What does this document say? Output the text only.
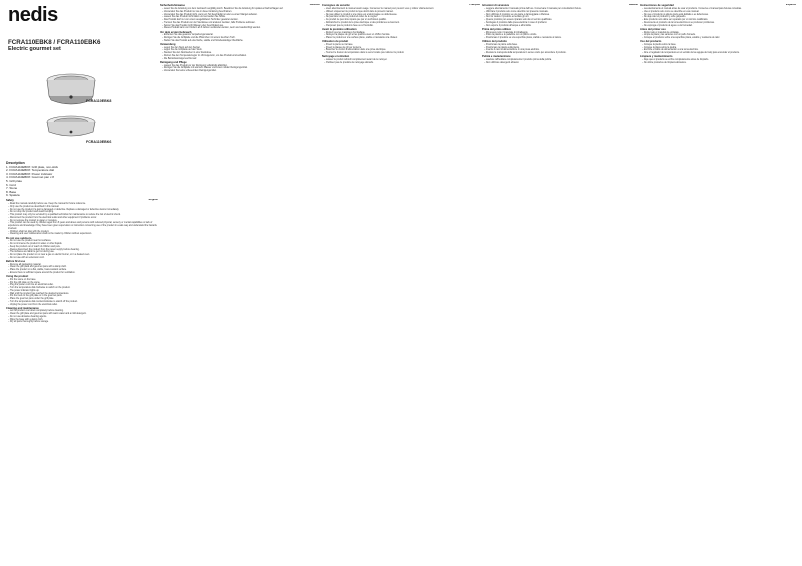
nedis
FCRA110EBK8 / FCRA110EBK6
Electric gourmet set
FCRA110EBK8
FCRA110EBK6
Description
1. FCRA110EBK8: Grill plate, non-stick
2. FCRA110EBK8: Temperature dial
3. FCRA110EBK8: Power indicator
4. FCRA110EBK8: Gourmet pan x 8
5. Grill plate
6. Cord
7. Stone
8. Base
9. Spatula
English
Safety

– Read the manual carefully before use. Keep the manual for future reference.

– Only use the product as described in this manual.

– Do not use the product if a part is damaged or defective. Replace a damaged or defective device immediately.

– Do not drop the product and avoid bumping.

– This product may only be serviced by a qualified technician for maintenance to reduce the risk of electric shock.

– Disconnect the product from the electrical outlet and other equipment if problems occur.

– Do not expose the product to water or moisture.

– This product can be used by children aged from 8 years and above and persons with reduced physical, sensory or mental capabilities or lack of experience and knowledge if they have been given supervision or instruction concerning use of the product in a safe way and understand the hazards involved.

– Children shall not play with the product.

– Cleaning and user maintenance shall not be made by children without supervision.

Do not use outdoors.

– Do not use the product near hot surfaces.

– Do not immerse the product in water or other liquids.

– Keep the product out of reach of children and pets.

– Always disconnect the product from the power supply before cleaning.

– The surfaces are liable to get hot during use.

– Do not place the product on or near a gas or electric burner, or in a heated oven.

– Do not use with an extension cord.

Before first use

– Remove all packaging material.

– Clean the grill plate and gourmet pans with a damp cloth.

– Place the product on a flat, stable, heat-resistant surface.

– Ensure there is sufficient space around the product for ventilation.

Using the product

– Put the stone on the base.

– Put the grill plate on the stone.

– Plug the power cord into an electrical outlet.

– Turn the temperature dial clockwise to switch on the product.

– The power indicator lights up.

– Wait until the product has reached the desired temperature.

– Put the food on the grill plate or in the gourmet pans.

– Place the gourmet pans under the grill plate.

– Turn the temperature dial counterclockwise to switch off the product.

– Unplug the power cord from the electrical outlet.

Cleaning and maintenance

– Let the product cool down completely before cleaning.

– Clean the grill plate and gourmet pans with warm water and a mild detergent.

– Do not use abrasive cleaning agents.

– Wipe the base with a damp cloth.

– Dry all parts thoroughly before storage.

Deutsch
Sicherheitshinweise

– Lesen Sie die Anleitung vor dem Gebrauch sorgfältig durch. Bewahren Sie die Anleitung für späteres Nachschlagen auf.

– Verwenden Sie das Produkt nur wie in dieser Anleitung beschrieben.

– Verwenden Sie das Produkt nicht, wenn ein Teil beschädigt ist oder es einen Mangel aufweist.

– Lassen Sie das Produkt nicht fallen und vermeiden Sie Stöße.

– Das Produkt darf nur von einem ausgebildeten Techniker gewartet werden.

– Trennen Sie das Produkt von der Steckdose und anderen Geräten, falls Probleme auftreten.

– Setzen Sie das Produkt nicht Wasser oder Feuchtigkeit aus.

– Dieses Produkt kann von Kindern ab 8 Jahren verwendet werden, wenn sie beaufsichtigt werden.

Vor dem ersten Gebrauch

– Entfernen Sie das gesamte Verpackungsmaterial.

– Reinigen Sie die Grillplatte und die Pfännchen mit einem feuchten Tuch.

– Stellen Sie das Produkt auf eine flache, stabile und hitzebeständige Oberfläche.

Verwendung

– Legen Sie den Stein auf den Sockel.

– Legen Sie die Grillplatte auf den Stein.

– Stecken Sie den Netzstecker in eine Steckdose.

– Drehen Sie den Temperaturregler im Uhrzeigersinn, um das Produkt einzuschalten.

– Die Betriebsanzeige leuchtet auf.

Reinigung und Pflege

– Lassen Sie das Produkt vor der Reinigung vollständig abkühlen.

– Reinigen Sie die Grillplatte mit warmem Wasser und einem milden Reinigungsmittel.

– Verwenden Sie keine scheuernden Reinigungsmittel.

Français
Consignes de sécurité

– Lisez attentivement le manuel avant usage. Conservez le manuel pour pouvoir vous y référer ultérieurement.

– Utilisez uniquement le produit tel que décrit dans le présent manuel.

– Ne pas utiliser le produit si une pièce est endommagée ou défectueuse.

– Ne pas faire tomber le produit et éviter de le cogner.

– Ce produit ne peut être réparé que par un technicien qualifié.

– Débranchez le produit de la prise électrique si des problèmes surviennent.

– N'exposez pas le produit à l'eau ou à l'humidité.

Avant la première utilisation

– Retirez tous les matériaux d'emballage.

– Nettoyez la plaque de gril et les poêlons avec un chiffon humide.

– Placez le produit sur une surface plane, stable et résistante à la chaleur.

Utilisation du produit

– Posez la pierre sur la base.

– Posez la plaque de gril sur la pierre.

– Branchez le cordon d'alimentation dans une prise électrique.

– Tournez le bouton de température dans le sens horaire pour allumer le produit.

Nettoyage et entretien

– Laissez le produit refroidir complètement avant de le nettoyer.

– N'utilisez pas de produits de nettoyage abrasifs.

Italiano
Istruzioni di sicurezza

– Leggere attentamente il manuale prima dell'uso. Conservare il manuale per consultazioni future.

– Utilizzare il prodotto solo come descritto nel presente manuale.

– Non utilizzare il prodotto se una parte è danneggiata o difettosa.

– Non far cadere il prodotto ed evitare gli urti.

– Questo prodotto può essere riparato solo da un tecnico qualificato.

– Scollegare il prodotto dalla presa elettrica in caso di problemi.

– Non esporre il prodotto all'acqua o all'umidità.

Prima del primo utilizzo

– Rimuovere tutto il materiale di imballaggio.

– Pulire la piastra e le padelline con un panno umido.

– Posizionare il prodotto su una superficie piana, stabile e resistente al calore.

Utilizzo del prodotto

– Posizionare la pietra sulla base.

– Posizionare la piastra sulla pietra.

– Inserire il cavo di alimentazione in una presa elettrica.

– Ruotare la manopola della temperatura in senso orario per accendere il prodotto.

Pulizia e manutenzione

– Lasciare raffreddare completamente il prodotto prima della pulizia.

– Non utilizzare detergenti abrasivi.

Español
Instrucciones de seguridad

– Lea atentamente el manual antes de usar el producto. Conserve el manual para futuras consultas.

– Use el producto solo como se describe en este manual.

– No use el producto si alguna pieza está dañada o es defectuosa.

– No deje caer el producto y evite golpearlo.

– Este producto solo debe ser reparado por un técnico cualificado.

– Desconecte el producto de la toma eléctrica si se producen problemas.

– No exponga el producto al agua o a la humedad.

Antes del primer uso

– Retire todo el material de embalaje.

– Limpie la placa y las sartenes con un paño húmedo.

– Coloque el producto sobre una superficie plana, estable y resistente al calor.

Uso del producto

– Coloque la piedra sobre la base.

– Coloque la placa sobre la piedra.

– Enchufe el cable de alimentación a una toma eléctrica.

– Gire el regulador de temperatura en el sentido de las agujas del reloj para encender el producto.

Limpieza y mantenimiento

– Deje que el producto se enfríe completamente antes de limpiarlo.

– No utilice productos de limpieza abrasivos.
